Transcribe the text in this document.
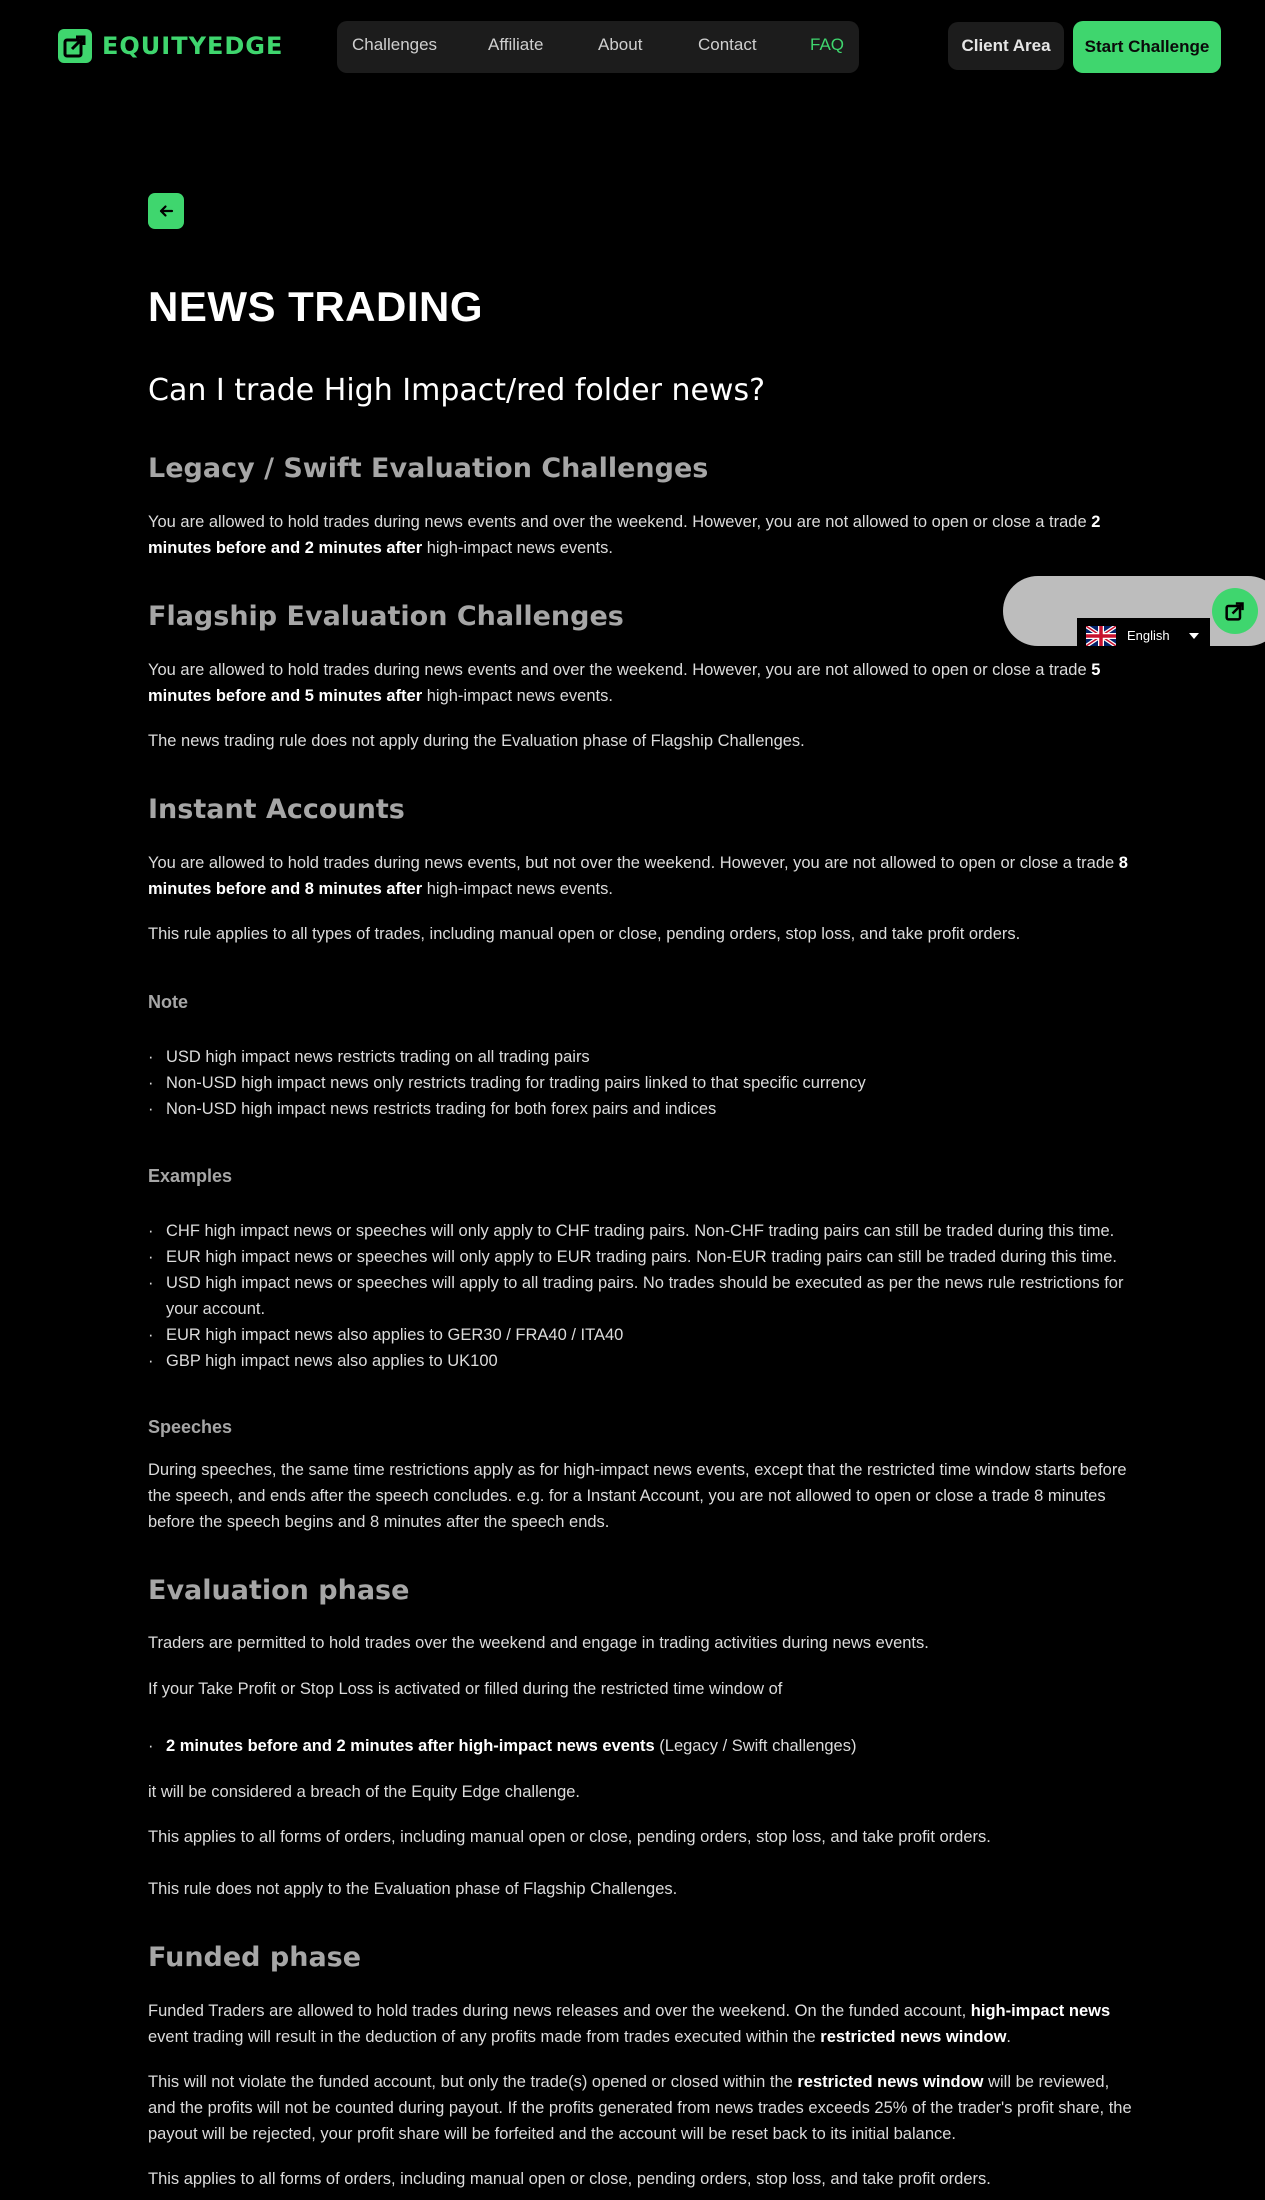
EQUITYEDGE	Challenges	Affiliate	About	Contact	FAQ	Client Area	Start Challenge
NEWS TRADING
Can I trade High Impact/red folder news?
Legacy / Swift Evaluation Challenges

You are allowed to hold trades during news events and over the weekend. However, you are not allowed to open or close a trade 2 minutes before and 2 minutes after high-impact news events.

Flagship Evaluation Challenges

You are allowed to hold trades during news events and over the weekend. However, you are not allowed to open or close a trade 5 minutes before and 5 minutes after high-impact news events.

The news trading rule does not apply during the Evaluation phase of Flagship Challenges.

Instant Accounts

You are allowed to hold trades during news events, but not over the weekend. However, you are not allowed to open or close a trade 8 minutes before and 8 minutes after high-impact news events.

This rule applies to all types of trades, including manual open or close, pending orders, stop loss, and take profit orders.

Note
· USD high impact news restricts trading on all trading pairs
· Non-USD high impact news only restricts trading for trading pairs linked to that specific currency
· Non-USD high impact news restricts trading for both forex pairs and indices
Examples
· CHF high impact news or speeches will only apply to CHF trading pairs. Non-CHF trading pairs can still be traded during this time.
· EUR high impact news or speeches will only apply to EUR trading pairs. Non-EUR trading pairs can still be traded during this time.
· USD high impact news or speeches will apply to all trading pairs. No trades should be executed as per the news rule restrictions for your account.
· EUR high impact news also applies to GER30 / FRA40 / ITA40
· GBP high impact news also applies to UK100
Speeches

During speeches, the same time restrictions apply as for high-impact news events, except that the restricted time window starts before the speech, and ends after the speech concludes. e.g. for a Instant Account, you are not allowed to open or close a trade 8 minutes before the speech begins and 8 minutes after the speech ends.

Evaluation phase

Traders are permitted to hold trades over the weekend and engage in trading activities during news events.

If your Take Profit or Stop Loss is activated or filled during the restricted time window of

· 2 minutes before and 2 minutes after high-impact news events (Legacy / Swift challenges)

it will be considered a breach of the Equity Edge challenge.

This applies to all forms of orders, including manual open or close, pending orders, stop loss, and take profit orders.

This rule does not apply to the Evaluation phase of Flagship Challenges.

Funded phase

Funded Traders are allowed to hold trades during news releases and over the weekend. On the funded account, high-impact news event trading will result in the deduction of any profits made from trades executed within the restricted news window.

This will not violate the funded account, but only the trade(s) opened or closed within the restricted news window will be reviewed, and the profits will not be counted during payout. If the profits generated from news trades exceeds 25% of the trader's profit share, the payout will be rejected, your profit share will be forfeited and the account will be reset back to its initial balance.

This applies to all forms of orders, including manual open or close, pending orders, stop loss, and take profit orders.

English
